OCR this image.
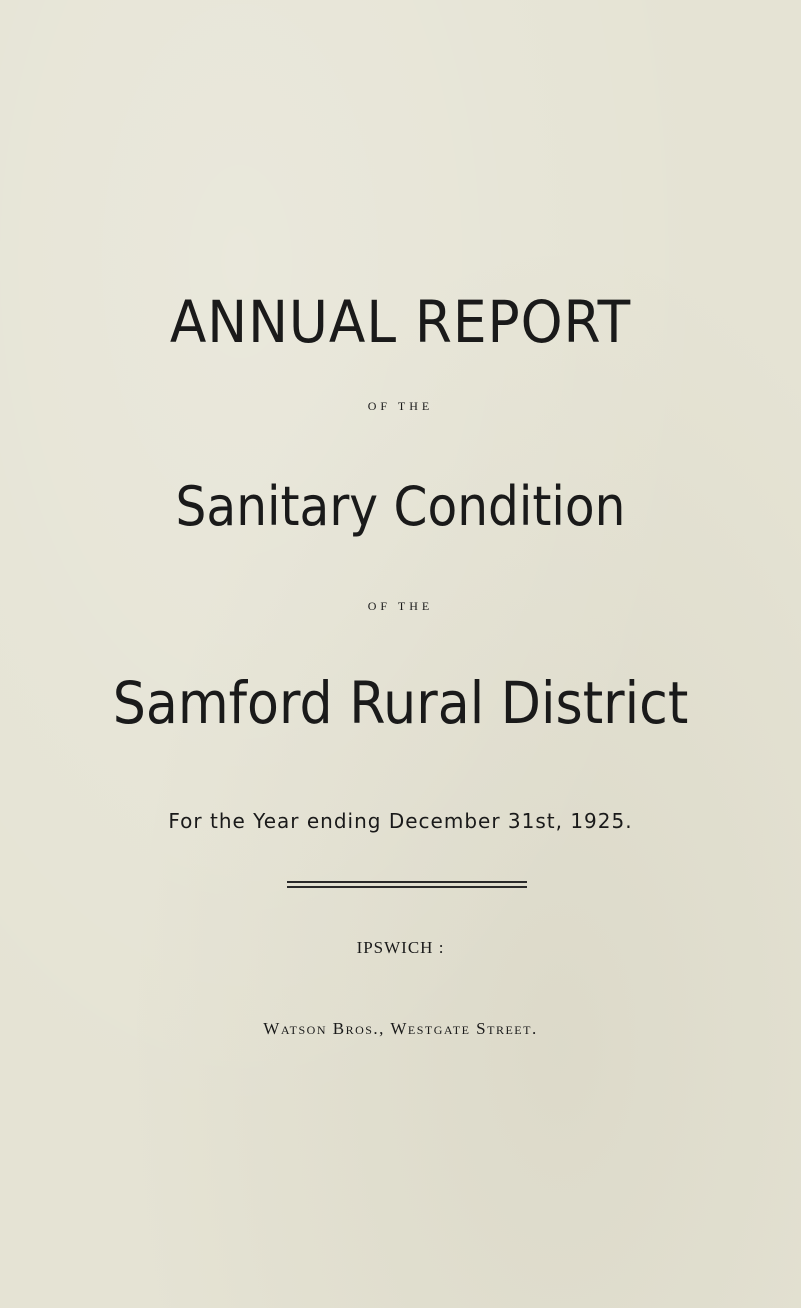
ANNUAL REPORT
OF THE
Sanitary Condition
OF THE
Samford Rural District
For the Year ending December 31st, 1925.
IPSWICH :
Watson Bros., Westgate Street.
